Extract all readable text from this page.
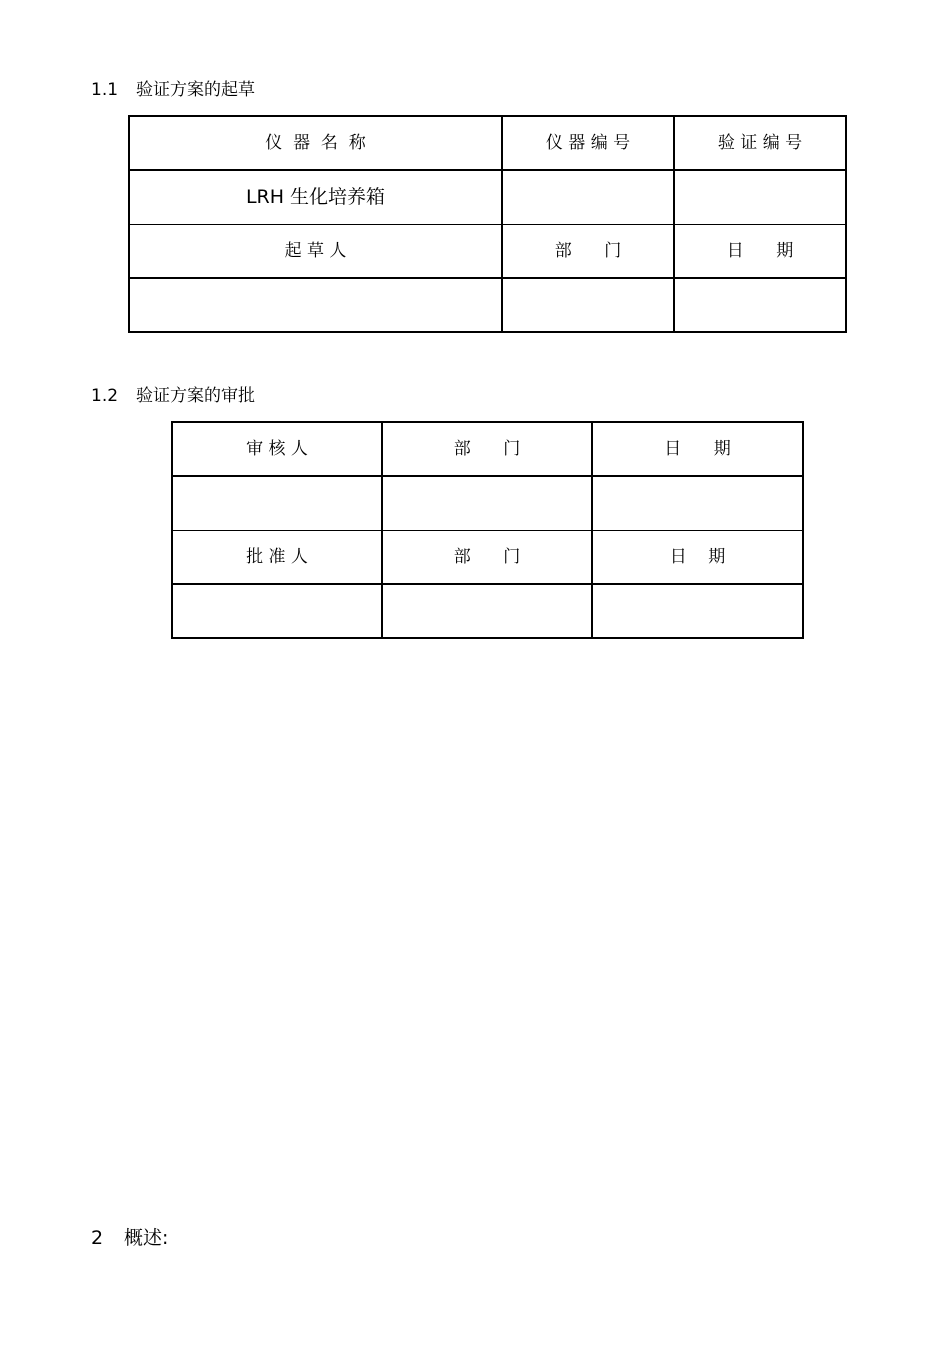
1.1 验证方案的起草
仪  器  名  称	仪 器 编 号	验 证 编 号
LRH 生化培养箱		
起 草 人	部      门	日      期

1.2 验证方案的审批
审 核 人	部      门	日      期

批 准 人	部      门	日    期

2 概述:
